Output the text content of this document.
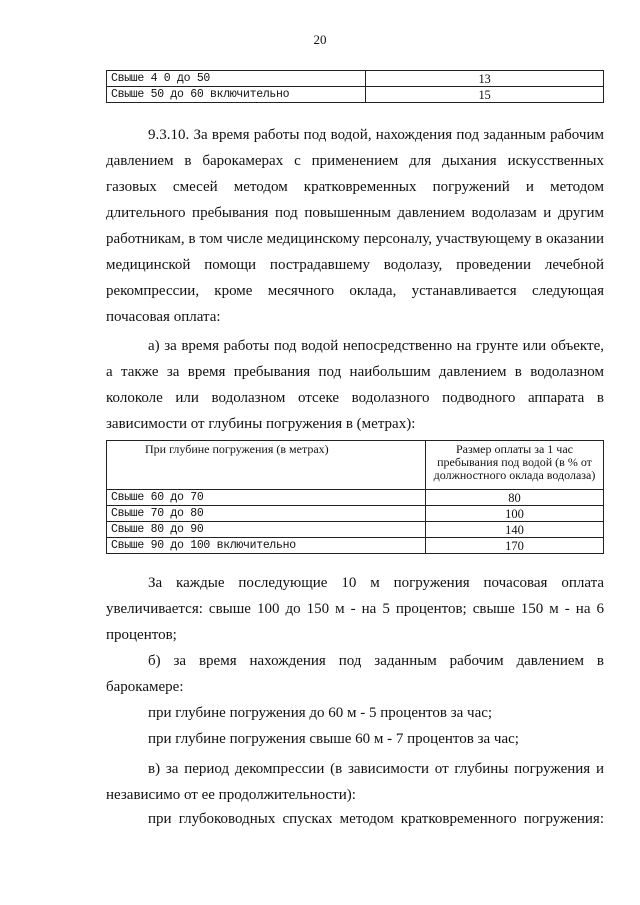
20
Свыше 4 0 до 50	13
Свыше 50 до 60 включительно	15
9.3.10. За время работы под водой, нахождения под заданным рабочим давлением в барокамерах с применением для дыхания искусственных газовых смесей методом кратковременных погружений и методом длительного пребывания под повышенным давлением водолазам и другим работникам, в том числе медицинскому персоналу, участвующему в оказании медицинской помощи пострадавшему водолазу, проведении лечебной рекомпрессии, кроме месячного оклада, устанавливается следующая почасовая оплата:
а) за время работы под водой непосредственно на грунте или объекте, а также за время пребывания под наибольшим давлением в водолазном колоколе или водолазном отсеке водолазного подводного аппарата в зависимости от глубины погружения в (метрах):
При глубине погружения (в метрах)	Размер оплаты за 1 час пребывания под водой (в % от должностного оклада водолаза)
Свыше 60 до 70	80
Свыше 70 до 80	100
Свыше 80 до 90	140
Свыше 90 до 100 включительно	170
За каждые последующие 10 м погружения почасовая оплата увеличивается: свыше 100 до 150 м - на 5 процентов; свыше 150 м - на 6 процентов;
б) за время нахождения под заданным рабочим давлением в барокамере:
при глубине погружения до 60 м - 5 процентов за час;
при глубине погружения свыше 60 м - 7 процентов за час;
в) за период декомпрессии (в зависимости от глубины погружения и независимо от ее продолжительности):
при глубоководных спусках методом кратковременного погружения:
